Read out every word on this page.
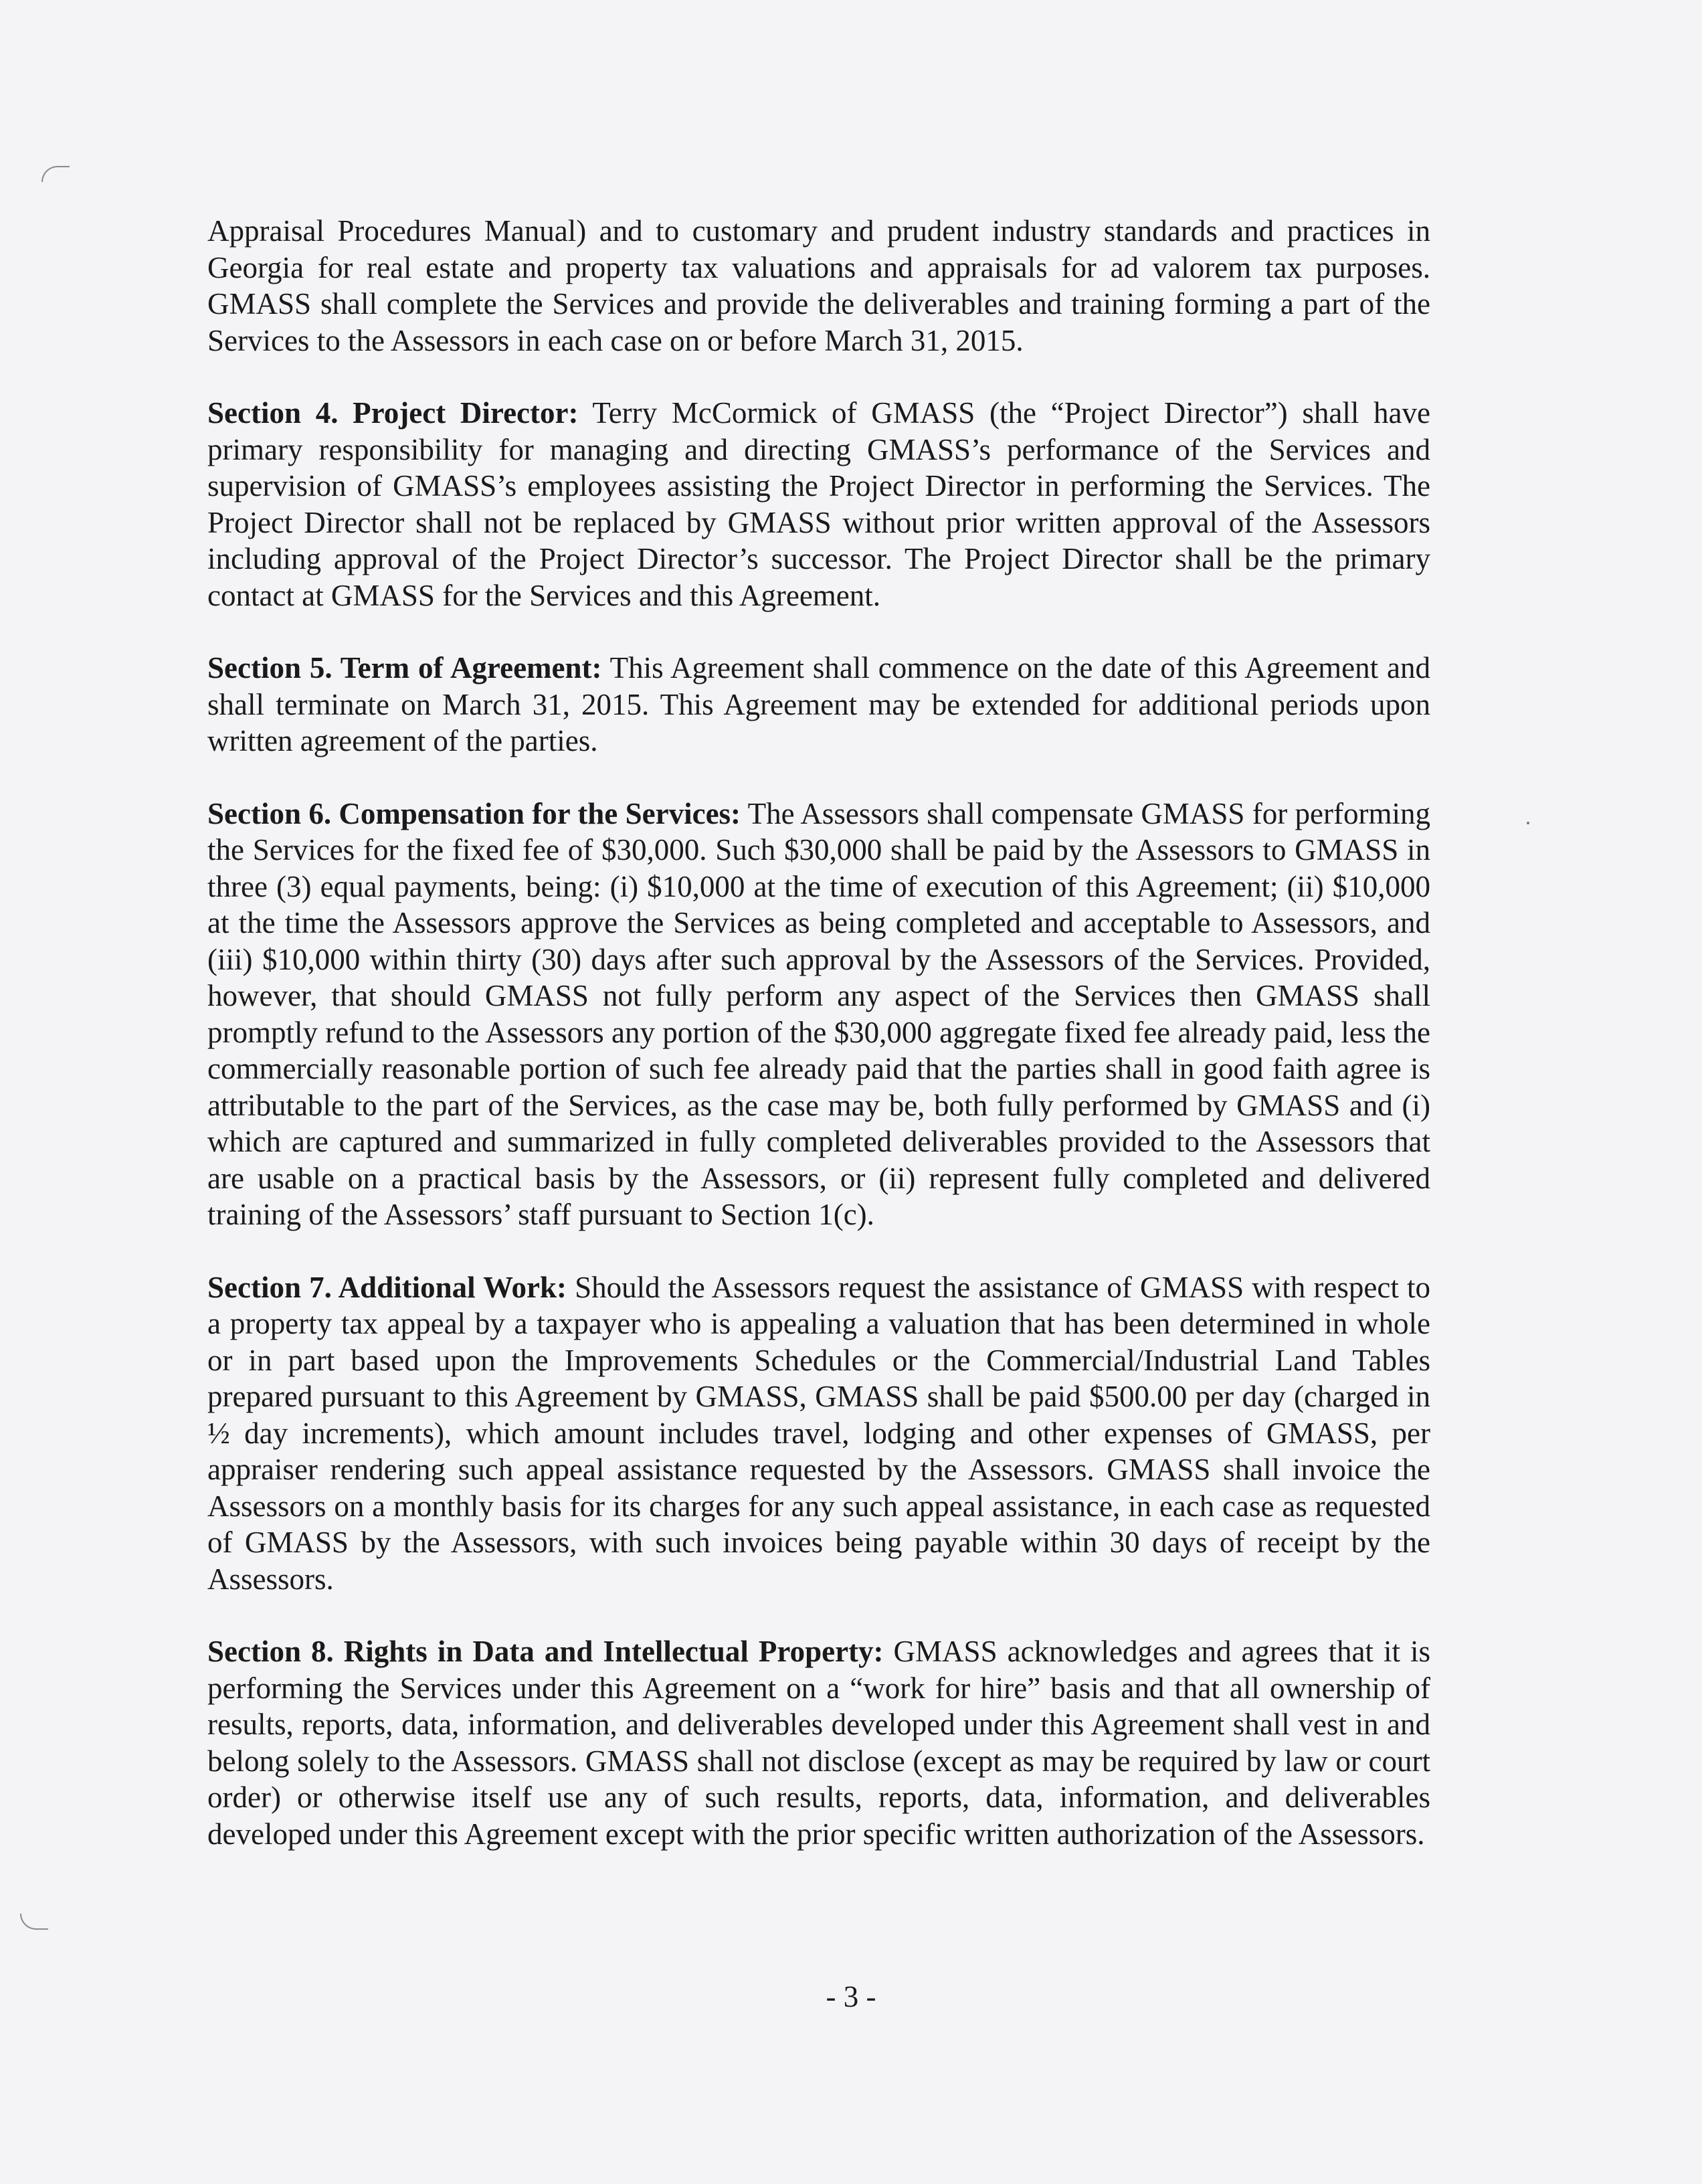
Appraisal Procedures Manual) and to customary and prudent industry standards and practices in Georgia for real estate and property tax valuations and appraisals for ad valorem tax purposes. GMASS shall complete the Services and provide the deliverables and training forming a part of the Services to the Assessors in each case on or before March 31, 2015.

Section 4. Project Director: Terry McCormick of GMASS (the “Project Director”) shall have primary responsibility for managing and directing GMASS’s performance of the Services and supervision of GMASS’s employees assisting the Project Director in performing the Services. The Project Director shall not be replaced by GMASS without prior written approval of the Assessors including approval of the Project Director’s successor. The Project Director shall be the primary contact at GMASS for the Services and this Agreement.

Section 5. Term of Agreement: This Agreement shall commence on the date of this Agreement and shall terminate on March 31, 2015. This Agreement may be extended for additional periods upon written agreement of the parties.

Section 6. Compensation for the Services: The Assessors shall compensate GMASS for performing the Services for the fixed fee of $30,000. Such $30,000 shall be paid by the Assessors to GMASS in three (3) equal payments, being: (i) $10,000 at the time of execution of this Agreement; (ii) $10,000 at the time the Assessors approve the Services as being completed and acceptable to Assessors, and (iii) $10,000 within thirty (30) days after such approval by the Assessors of the Services. Provided, however, that should GMASS not fully perform any aspect of the Services then GMASS shall promptly refund to the Assessors any portion of the $30,000 aggregate fixed fee already paid, less the commercially reasonable portion of such fee already paid that the parties shall in good faith agree is attributable to the part of the Services, as the case may be, both fully performed by GMASS and (i) which are captured and summarized in fully completed deliverables provided to the Assessors that are usable on a practical basis by the Assessors, or (ii) represent fully completed and delivered training of the Assessors’ staff pursuant to Section 1(c).

Section 7. Additional Work: Should the Assessors request the assistance of GMASS with respect to a property tax appeal by a taxpayer who is appealing a valuation that has been determined in whole or in part based upon the Improvements Schedules or the Commercial/Industrial Land Tables prepared pursuant to this Agreement by GMASS, GMASS shall be paid $500.00 per day (charged in ½ day increments), which amount includes travel, lodging and other expenses of GMASS, per appraiser rendering such appeal assistance requested by the Assessors. GMASS shall invoice the Assessors on a monthly basis for its charges for any such appeal assistance, in each case as requested of GMASS by the Assessors, with such invoices being payable within 30 days of receipt by the Assessors.

Section 8. Rights in Data and Intellectual Property: GMASS acknowledges and agrees that it is performing the Services under this Agreement on a “work for hire” basis and that all ownership of results, reports, data, information, and deliverables developed under this Agreement shall vest in and belong solely to the Assessors. GMASS shall not disclose (except as may be required by law or court order) or otherwise itself use any of such results, reports, data, information, and deliverables developed under this Agreement except with the prior specific written authorization of the Assessors.

- 3 -
